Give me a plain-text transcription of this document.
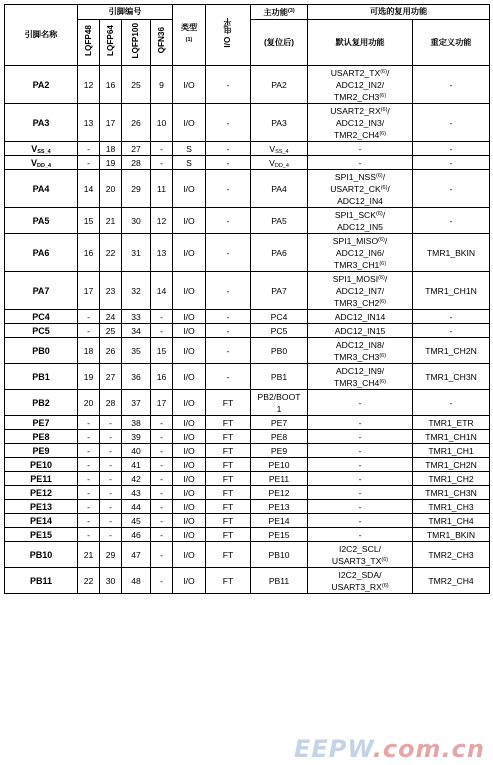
引脚名称	引脚编号				类型
$^{(1)}$	I/O 电平	主功能$^{(3)}$	可选的复用功能	
	LQFP48	LQFP64	LQFP100	QFN36			(复位后)	默认复用功能	重定义功能
PA2	12	16	25	9	I/O	-	PA2	USART2_TX$^{(6)}$/
ADC12_IN2/
TMR2_CH3$^{(6)}$	-
PA3	13	17	26	10	I/O	-	PA3	USART2_RX$^{(6)}$/
ADC12_IN3/
TMR2_CH4$^{(6)}$	-
$V_{SS\_4}$	-	18	27	-	S	-	$V_{SS\_4}$	-	-
$V_{DD\_4}$	-	19	28	-	S	-	$V_{DD\_4}$	-	-
PA4	14	20	29	11	I/O	-	PA4	SPI1_NSS$^{(6)}$/
USART2_CK$^{(6)}$/
ADC12_IN4	-
PA5	15	21	30	12	I/O	-	PA5	SPI1_SCK$^{(6)}$/
ADC12_IN5	-
PA6	16	22	31	13	I/O	-	PA6	SPI1_MISO$^{(6)}$/
ADC12_IN6/
TMR3_CH1$^{(6)}$	TMR1_BKIN
PA7	17	23	32	14	I/O	-	PA7	SPI1_MOSI$^{(6)}$/
ADC12_IN7/
TMR3_CH2$^{(6)}$	TMR1_CH1N
PC4	-	24	33	-	I/O	-	PC4	ADC12_IN14	-
PC5	-	25	34	-	I/O	-	PC5	ADC12_IN15	-
PB0	18	26	35	15	I/O	-	PB0	ADC12_IN8/
TMR3_CH3$^{(6)}$	TMR1_CH2N
PB1	19	27	36	16	I/O	-	PB1	ADC12_IN9/
TMR3_CH4$^{(6)}$	TMR1_CH3N
PB2	20	28	37	17	I/O	FT	PB2/BOOT
1	-	-
PE7	-	-	38	-	I/O	FT	PE7	-	TMR1_ETR
PE8	-	-	39	-	I/O	FT	PE8	-	TMR1_CH1N
PE9	-	-	40	-	I/O	FT	PE9	-	TMR1_CH1
PE10	-	-	41	-	I/O	FT	PE10	-	TMR1_CH2N
PE11	-	-	42	-	I/O	FT	PE11	-	TMR1_CH2
PE12	-	-	43	-	I/O	FT	PE12	-	TMR1_CH3N
PE13	-	-	44	-	I/O	FT	PE13	-	TMR1_CH3
PE14	-	-	45	-	I/O	FT	PE14	-	TMR1_CH4
PE15	-	-	46	-	I/O	FT	PE15	-	TMR1_BKIN
PB10	21	29	47	-	I/O	FT	PB10	I2C2_SCL/
USART3_TX$^{(6)}$	TMR2_CH3
PB11	22	30	48	-	I/O	FT	PB11	I2C2_SDA/
USART3_RX$^{(6)}$	TMR2_CH4
EEPW.com.cn
